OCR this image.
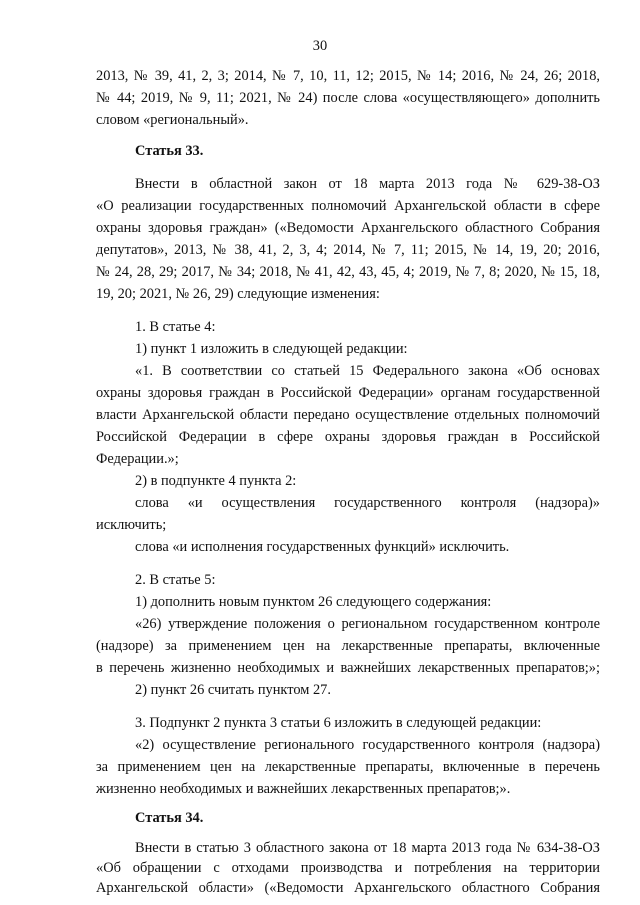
30
2013, № 39, 41, 2, 3; 2014, № 7, 10, 11, 12; 2015, № 14; 2016, № 24, 26; 2018,
№ 44; 2019, № 9, 11; 2021, № 24) после слова «осуществляющего» дополнить
словом «региональный».
Статья 33.
Внести в областной закон от 18 марта 2013 года № 629-38-ОЗ
«О реализации государственных полномочий Архангельской области в сфере
охраны здоровья граждан» («Ведомости Архангельского областного Собрания
депутатов», 2013, № 38, 41, 2, 3, 4; 2014, № 7, 11; 2015, № 14, 19, 20; 2016,
№ 24, 28, 29; 2017, № 34; 2018, № 41, 42, 43, 45, 4; 2019, № 7, 8; 2020, № 15, 18,
19, 20; 2021, № 26, 29) следующие изменения:
1. В статье 4:
1) пункт 1 изложить в следующей редакции:
«1. В соответствии со статьей 15 Федерального закона «Об основах
охраны здоровья граждан в Российской Федерации» органам государственной
власти Архангельской области передано осуществление отдельных полномочий
Российской Федерации в сфере охраны здоровья граждан в Российской
Федерации.»;
2) в подпункте 4 пункта 2:
слова «и осуществления государственного контроля (надзора)»
исключить;
слова «и исполнения государственных функций» исключить.
2. В статье 5:
1) дополнить новым пунктом 26 следующего содержания:
«26) утверждение положения о региональном государственном контроле
(надзоре) за применением цен на лекарственные препараты, включенные
в перечень жизненно необходимых и важнейших лекарственных препаратов;»;
2) пункт 26 считать пунктом 27.
3. Подпункт 2 пункта 3 статьи 6 изложить в следующей редакции:
«2) осуществление регионального государственного контроля (надзора)
за применением цен на лекарственные препараты, включенные в перечень
жизненно необходимых и важнейших лекарственных препаратов;».
Статья 34.
Внести в статью 3 областного закона от 18 марта 2013 года № 634-38-ОЗ
«Об обращении с отходами производства и потребления на территории
Архангельской области» («Ведомости Архангельского областного Собрания
